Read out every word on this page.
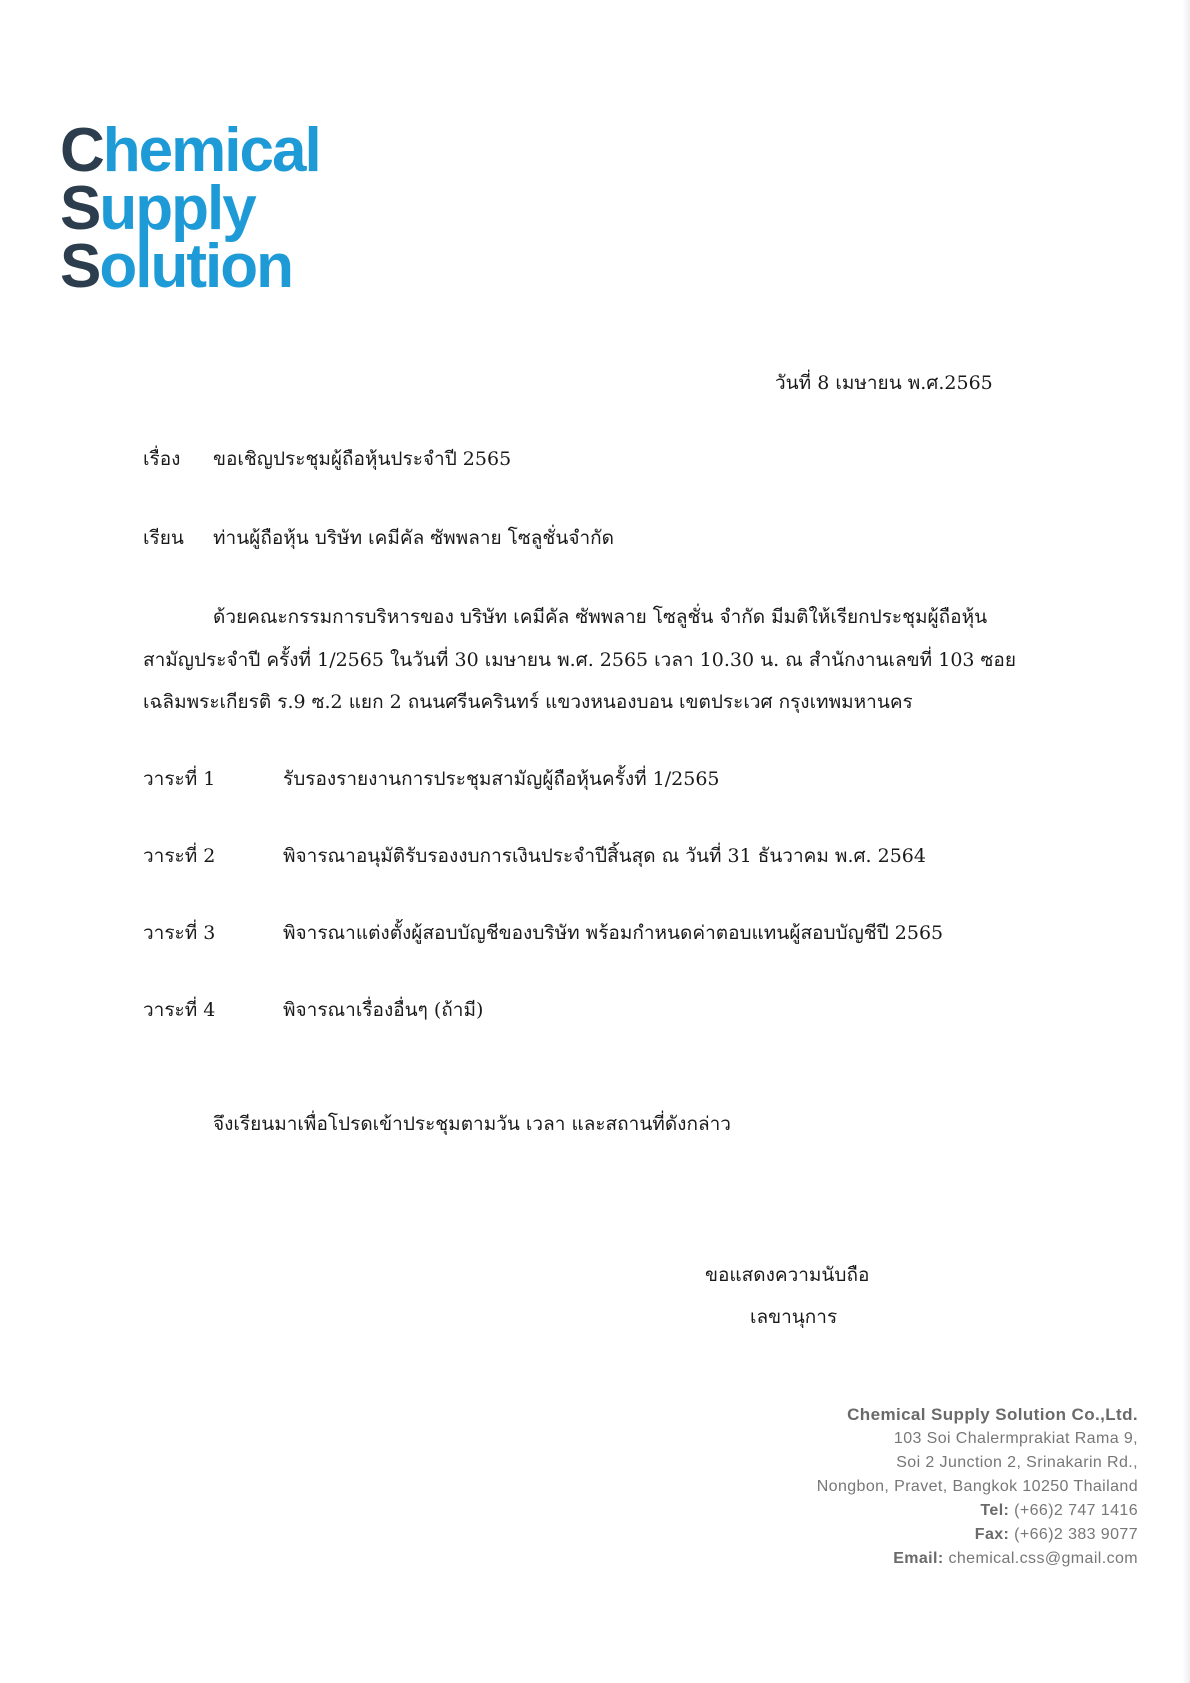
Chemical
Supply
Solution
วันที่ 8 เมษายน พ.ศ.2565
เรื่อง ขอเชิญประชุมผู้ถือหุ้นประจำปี 2565
เรียน ท่านผู้ถือหุ้น บริษัท เคมีคัล ซัพพลาย โซลูชั่นจำกัด
ด้วยคณะกรรมการบริหารของ บริษัท เคมีคัล ซัพพลาย โซลูชั่น จำกัด มีมติให้เรียกประชุมผู้ถือหุ้น
สามัญประจำปี ครั้งที่ 1/2565 ในวันที่ 30 เมษายน พ.ศ. 2565 เวลา 10.30 น. ณ สำนักงานเลขที่ 103 ซอย
เฉลิมพระเกียรติ ร.9 ซ.2 แยก 2 ถนนศรีนครินทร์ แขวงหนองบอน เขตประเวศ กรุงเทพมหานคร
วาระที่ 1	รับรองรายงานการประชุมสามัญผู้ถือหุ้นครั้งที่ 1/2565
วาระที่ 2	พิจารณาอนุมัติรับรองงบการเงินประจำปีสิ้นสุด ณ วันที่ 31 ธันวาคม พ.ศ. 2564
วาระที่ 3	พิจารณาแต่งตั้งผู้สอบบัญชีของบริษัท พร้อมกำหนดค่าตอบแทนผู้สอบบัญชีปี 2565
วาระที่ 4	พิจารณาเรื่องอื่นๆ (ถ้ามี)
จึงเรียนมาเพื่อโปรดเข้าประชุมตามวัน เวลา และสถานที่ดังกล่าว
ขอแสดงความนับถือ
เลขานุการ
Chemical Supply Solution Co.,Ltd.
103 Soi Chalermprakiat Rama 9,
Soi 2 Junction 2, Srinakarin Rd.,
Nongbon, Pravet, Bangkok 10250 Thailand
Tel: (+66)2 747 1416
Fax: (+66)2 383 9077
Email: chemical.css@gmail.com
